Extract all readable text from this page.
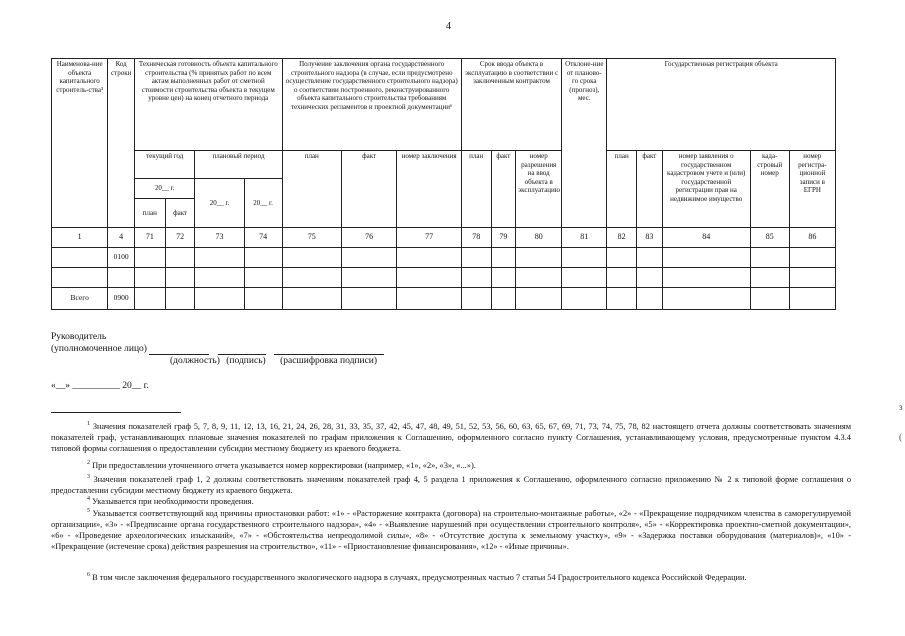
4
з
(
Наименова-ние объекта капитального строитель-ства³	Код строки	Техническая готовность объекта капитального строительства (% принятых работ по всем актам выполненных работ от сметной стоимости строительства объекта в текущем уровне цен) на конец отчетного периода				Получение заключения органа государственного строительного надзора (в случае, если предусмотрено осуществление государственного строительного надзора) о соответствии построенного, реконструированного объекта капитального строительства требованиям технических регламентов и проектной документации⁶			Срок ввода объекта в эксплуатацию в соответствии с заключенным контрактом			Отклоне-ние от планово-го срока (прогноз), мес.	Государственная регистрация объекта				
		текущий год		плановый период		план	факт	номер заключения	план	факт	номер разрешения на ввод объекта в эксплуатацию		план	факт	номер заявления о государственном кадастровом учете и (или) государственной регистрации прав на недвижимое имущество	када-стровый номер	номер регистра-ционной записи в ЕГРН
		20__ г.		20__ г.	20__ г.												
		план	факт														
1	4	71	72	73	74	75	76	77	78	79	80	81	82	83	84	85	86
	0100																

Всего	0900																
Руководитель
(уполномоченное лицо)
(должность) (подпись) (расшифровка подписи)
«__» __________ 20__ г.
$^1$ Значения показателей граф 5, 7, 8, 9, 11, 12, 13, 16, 21, 24, 26, 28, 31, 33, 35, 37, 42, 45, 47, 48, 49, 51, 52, 53, 56, 60, 63, 65, 67, 69, 71, 73, 74, 75, 78, 82 настоящего отчета должны соответствовать значениям показателей граф, устанавливающих плановые значения показателей по графам приложения к Соглашению, оформленного согласно пункту Соглашения, устанавливающему условия, предусмотренные пунктом 4.3.4 типовой формы соглашения о предоставлении субсидии местному бюджету из краевого бюджета.
$^2$ При предоставлении уточненного отчета указывается номер корректировки (например, «1», «2», «3», «...»).
$^3$ Значения показателей граф 1, 2 должны соответствовать значениям показателей граф 4, 5 раздела 1 приложения к Соглашению, оформленного согласно приложению № 2 к типовой форме соглашения о предоставлении субсидии местному бюджету из краевого бюджета.
$^4$ Указывается при необходимости проведения.
$^5$ Указывается соответствующий код причины приостановки работ: «1» - «Расторжение контракта (договора) на строительно-монтажные работы», «2» - «Прекращение подрядчиком членства в саморегулируемой организации», «3» - «Предписание органа государственного строительного надзора», «4» - «Выявление нарушений при осуществлении строительного контроля», «5» - «Корректировка проектно-сметной документации», «6» - «Проведение археологических изысканий», «7» - «Обстоятельства непреодолимой силы», «8» - «Отсутствие доступа к земельному участку», «9» - «Задержка поставки оборудования (материалов)», «10» - «Прекращение (истечение срока) действия разрешения на строительство», «11» - «Приостановление финансирования», «12» - «Иные причины».
$^6$ В том числе заключения федерального государственного экологического надзора в случаях, предусмотренных частью 7 статьи 54 Градостроительного кодекса Российской Федерации.
